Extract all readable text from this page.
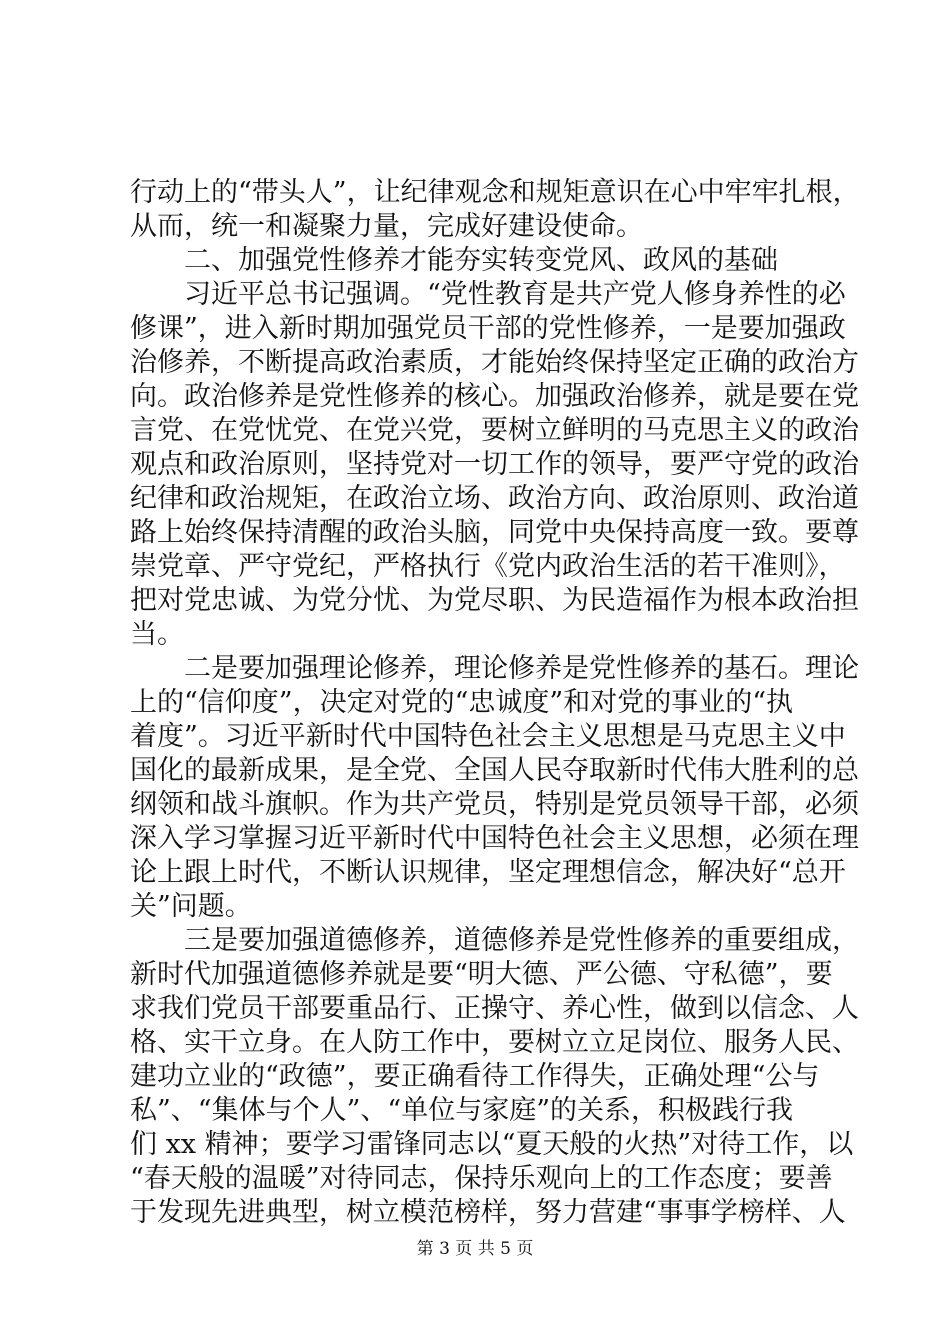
行动上的“带头人”，让纪律观念和规矩意识在心中牢牢扎根，
从而，统一和凝聚力量，完成好建设使命。
　　二、加强党性修养才能夯实转变党风、政风的基础
　　习近平总书记强调。“党性教育是共产党人修身养性的必
修课”，进入新时期加强党员干部的党性修养，一是要加强政
治修养，不断提高政治素质，才能始终保持坚定正确的政治方
向。政治修养是党性修养的核心。加强政治修养，就是要在党
言党、在党忧党、在党兴党，要树立鲜明的马克思主义的政治
观点和政治原则，坚持党对一切工作的领导，要严守党的政治
纪律和政治规矩，在政治立场、政治方向、政治原则、政治道
路上始终保持清醒的政治头脑，同党中央保持高度一致。要尊
崇党章、严守党纪，严格执行《党内政治生活的若干准则》，
把对党忠诚、为党分忧、为党尽职、为民造福作为根本政治担
当。
　　二是要加强理论修养，理论修养是党性修养的基石。理论
上的“信仰度”，决定对党的“忠诚度”和对党的事业的“执
着度”。习近平新时代中国特色社会主义思想是马克思主义中
国化的最新成果，是全党、全国人民夺取新时代伟大胜利的总
纲领和战斗旗帜。作为共产党员，特别是党员领导干部，必须
深入学习掌握习近平新时代中国特色社会主义思想，必须在理
论上跟上时代，不断认识规律，坚定理想信念，解决好“总开
关”问题。
　　三是要加强道德修养，道德修养是党性修养的重要组成，
新时代加强道德修养就是要“明大德、严公德、守私德”，要
求我们党员干部要重品行、正操守、养心性，做到以信念、人
格、实干立身。在人防工作中，要树立立足岗位、服务人民、
建功立业的“政德”，要正确看待工作得失，正确处理“公与
私”、“集体与个人”、“单位与家庭”的关系，积极践行我
们 xx 精神；要学习雷锋同志以“夏天般的火热”对待工作，以
“春天般的温暖”对待同志，保持乐观向上的工作态度；要善
于发现先进典型，树立模范榜样，努力营建“事事学榜样、人
第 3 页 共 5 页
